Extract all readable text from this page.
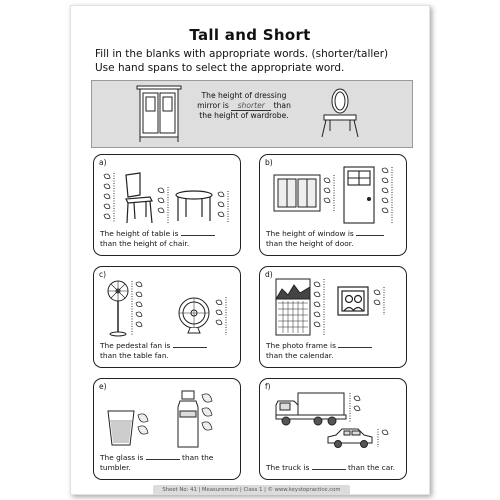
Tall and Short
Fill in the blanks with appropriate words. (shorter/taller)
Use hand spans to select the appropriate word.
The height of dressing mirror is shorter than the height of wardrobe.
a)
The height of table is
than the height of chair.
b)
The height of window is
than the height of door.
c)
The pedestal fan is
than the table fan.
d)
The photo frame is
than the calendar.
e)
The glass is	than the tumbler.
f)
The truck is	than the car.
Sheet No: 41 | Measurement | Class 1 | © www.keystopractice.com
